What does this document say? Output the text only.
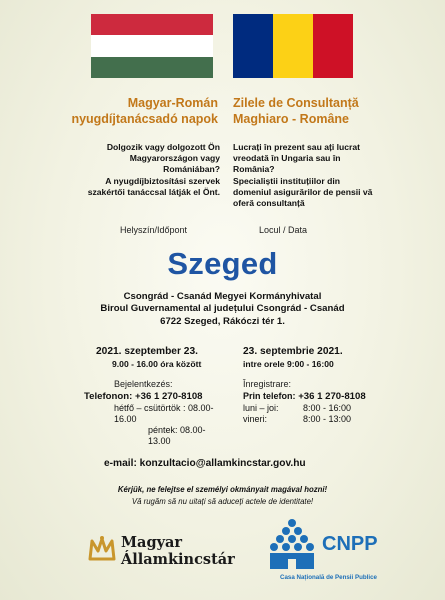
Magyar-Román
nyugdíjtanácsadó napok
Zilele de Consultanță
Maghiaro - Române
Dolgozik vagy dolgozott Ön
Magyarországon vagy
Romániában?
A nyugdíjbiztosítási szervek
szakértői tanáccsal látják el Önt.
Lucrați în prezent sau ați lucrat
vreodată în Ungaria sau în
România?
Specialiștii instituțiilor din
domeniul asigurărilor de pensii vă
oferă consultanță
Helyszín/Időpont	Locul / Data
Szeged
Csongrád - Csanád Megyei Kormányhivatal
Biroul Guvernamental al județului Csongrád - Csanád
6722 Szeged, Rákóczi tér 1.
2021. szeptember 23.
9.00 - 16.00 óra között
23. septembrie 2021.
intre orele 9:00 - 16:00
Bejelentkezés:
Telefonon: +36 1 270-8108
hétfő – csütörtök : 08.00-16.00
péntek: 08.00-13.00
Înregistrare:
Prin telefon: +36 1 270-8108
luni – joi:	8:00 - 16:00
vineri:	8:00 - 13:00
e-mail: konzultacio@allamkincstar.gov.hu
Kérjük, ne felejtse el személyi okmányait magával hozni!
Vă rugăm să nu uitați să aduceți actele de identitate!
Magyar
Államkincstár
CNPP
Casa Națională de Pensii Publice
